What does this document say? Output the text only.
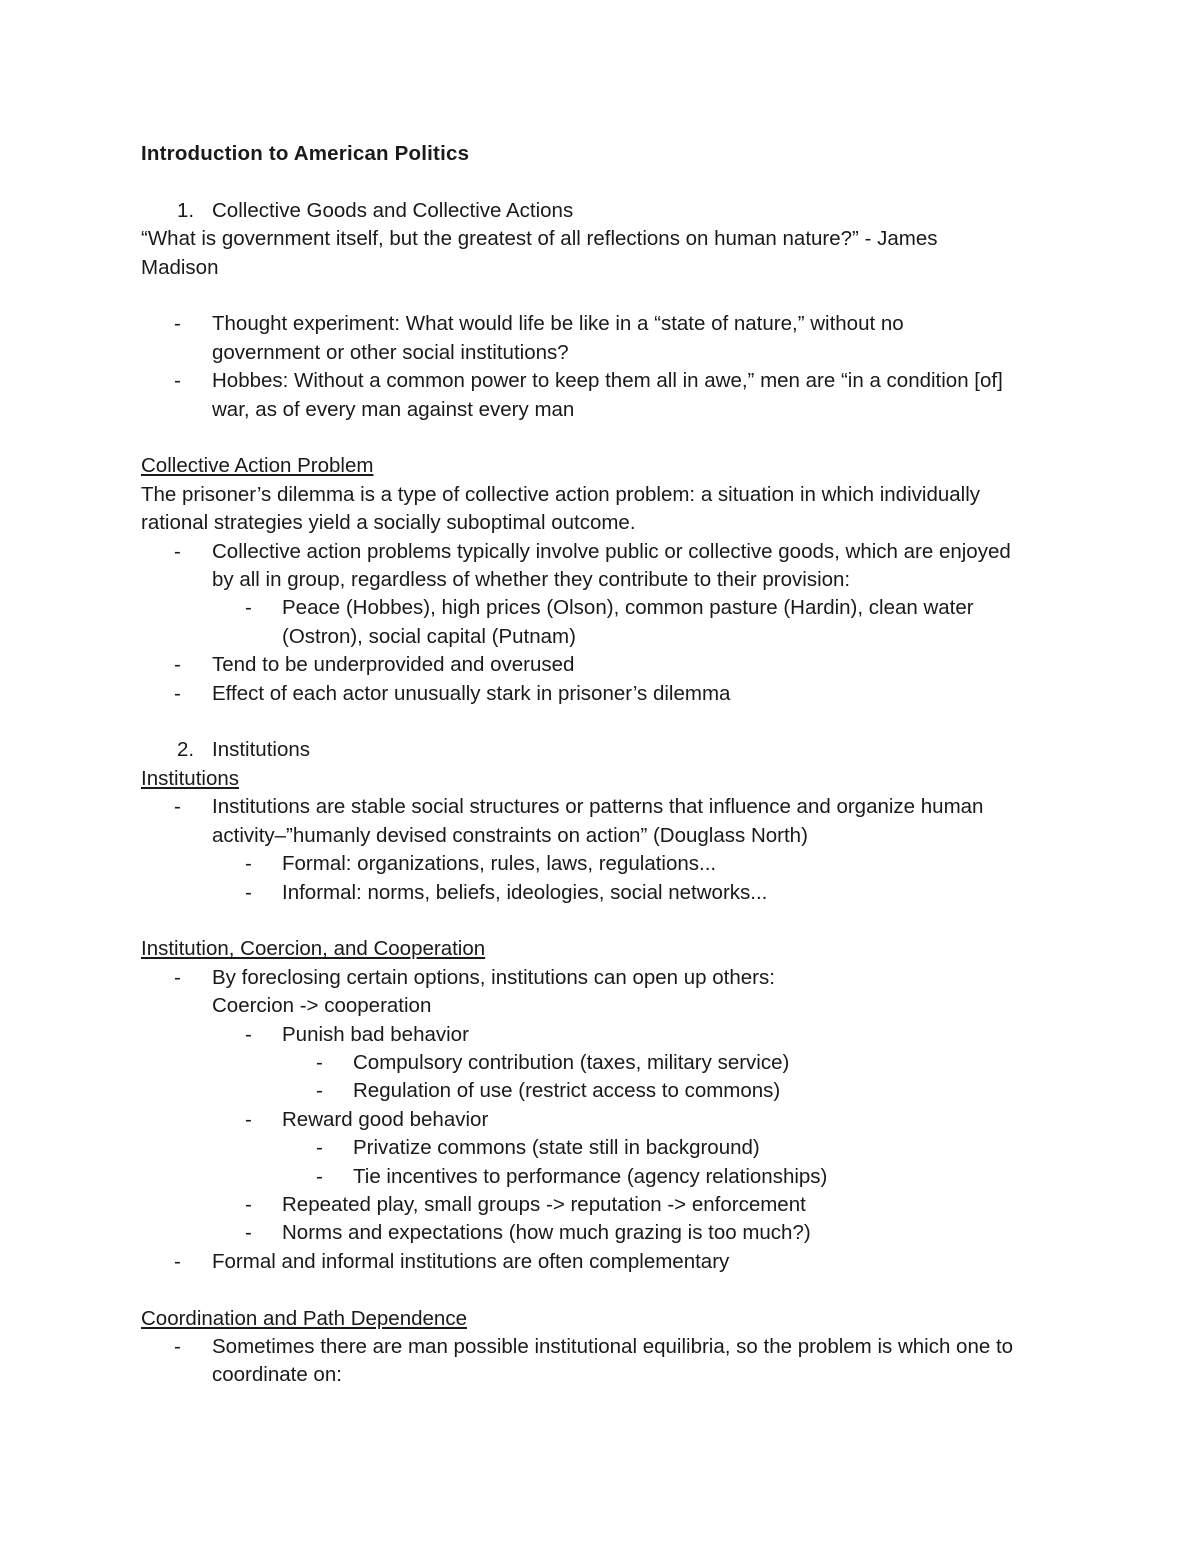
Introduction to American Politics
1. Collective Goods and Collective Actions
“What is government itself, but the greatest of all reflections on human nature?” - James
Madison
- Thought experiment: What would life be like in a “state of nature,” without no
government or other social institutions?
- Hobbes: Without a common power to keep them all in awe,” men are “in a condition [of]
war, as of every man against every man
Collective Action Problem
The prisoner’s dilemma is a type of collective action problem: a situation in which individually
rational strategies yield a socially suboptimal outcome.
- Collective action problems typically involve public or collective goods, which are enjoyed
by all in group, regardless of whether they contribute to their provision:
- Peace (Hobbes), high prices (Olson), common pasture (Hardin), clean water
(Ostron), social capital (Putnam)
- Tend to be underprovided and overused
- Effect of each actor unusually stark in prisoner’s dilemma
2. Institutions
Institutions
- Institutions are stable social structures or patterns that influence and organize human
activity–”humanly devised constraints on action” (Douglass North)
- Formal: organizations, rules, laws, regulations...
- Informal: norms, beliefs, ideologies, social networks...
Institution, Coercion, and Cooperation
- By foreclosing certain options, institutions can open up others:
Coercion -> cooperation
- Punish bad behavior
- Compulsory contribution (taxes, military service)
- Regulation of use (restrict access to commons)
- Reward good behavior
- Privatize commons (state still in background)
- Tie incentives to performance (agency relationships)
- Repeated play, small groups -> reputation -> enforcement
- Norms and expectations (how much grazing is too much?)
- Formal and informal institutions are often complementary
Coordination and Path Dependence
- Sometimes there are man possible institutional equilibria, so the problem is which one to
coordinate on:
